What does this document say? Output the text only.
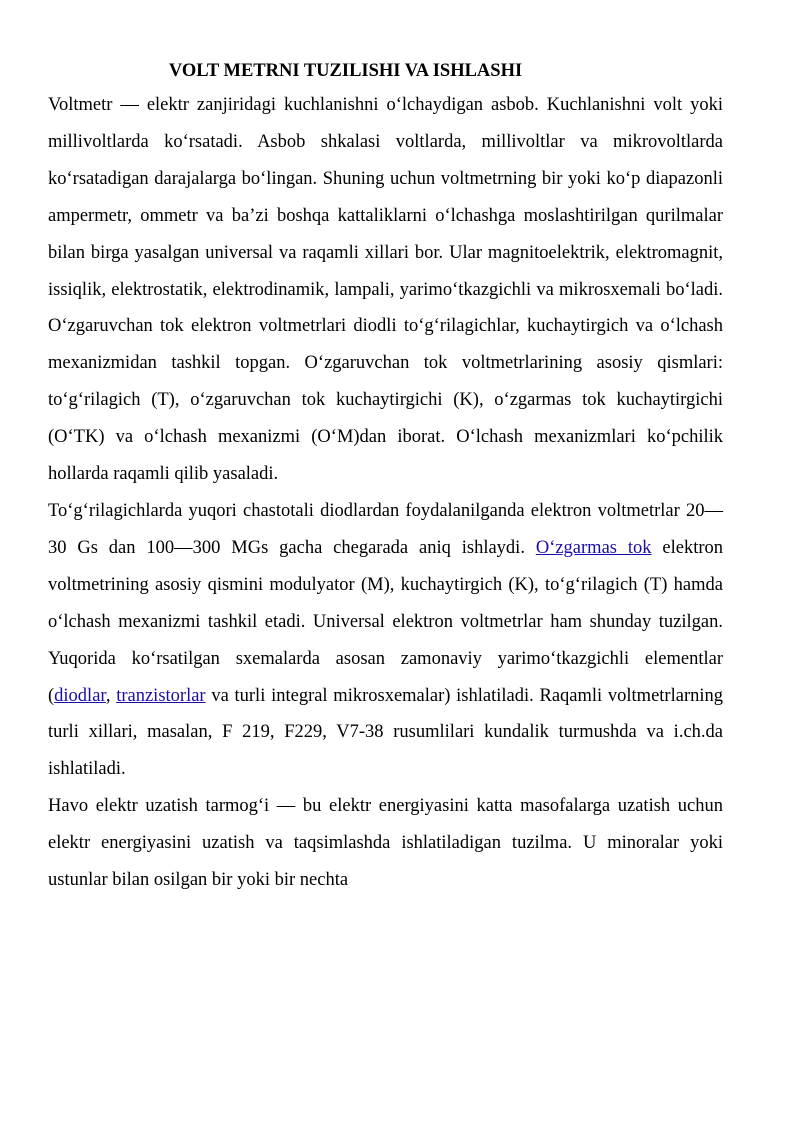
VOLT METRNI TUZILISHI VA ISHLASHI

Voltmetr — elektr zanjiridagi kuchlanishni o‘lchaydigan asbob. Kuchlanishni volt yoki millivoltlarda ko‘rsatadi. Asbob shkalasi voltlarda, millivoltlar va mikrovoltlarda ko‘rsatadigan darajalarga bo‘lingan. Shuning uchun voltmetrning bir yoki ko‘p diapazonli ampermetr, ommetr va ba’zi boshqa kattaliklarni o‘lchashga moslashtirilgan qurilmalar bilan birga yasalgan universal va raqamli xillari bor. Ular magnitoelektrik, elektromagnit, issiqlik, elektrostatik, elektrodinamik, lampali, yarimo‘tkazgichli va mikrosxemali bo‘ladi. O‘zgaruvchan tok elektron voltmetrlari diodli to‘g‘rilagichlar, kuchaytirgich va o‘lchash mexanizmidan tashkil topgan. O‘zgaruvchan tok voltmetrlarining asosiy qismlari: to‘g‘rilagich (T), o‘zgaruvchan tok kuchaytirgichi (K), o‘zgarmas tok kuchaytirgichi (O‘TK) va o‘lchash mexanizmi (O‘M)dan iborat. O‘lchash mexanizmlari ko‘pchilik hollarda raqamli qilib yasaladi.

To‘g‘rilagichlarda yuqori chastotali diodlardan foydalanilganda elektron voltmetrlar 20—30 Gs dan 100—300 MGs gacha chegarada aniq ishlaydi. O‘zgarmas tok elektron voltmetrining asosiy qismini modulyator (M), kuchaytirgich (K), to‘g‘rilagich (T) hamda o‘lchash mexanizmi tashkil etadi. Universal elektron voltmetrlar ham shunday tuzilgan. Yuqorida ko‘rsatilgan sxemalarda asosan zamonaviy yarimo‘tkazgichli elementlar (diodlar, tranzistorlar va turli integral mikrosxemalar) ishlatiladi. Raqamli voltmetrlarning turli xillari, masalan, F 219, F229, V7-38 rusumlilari kundalik turmushda va i.ch.da ishlatiladi.

Havo elektr uzatish tarmog‘i — bu elektr energiyasini katta masofalarga uzatish uchun elektr energiyasini uzatish va taqsimlashda ishlatiladigan tuzilma. U minoralar yoki ustunlar bilan osilgan bir yoki bir nechta
